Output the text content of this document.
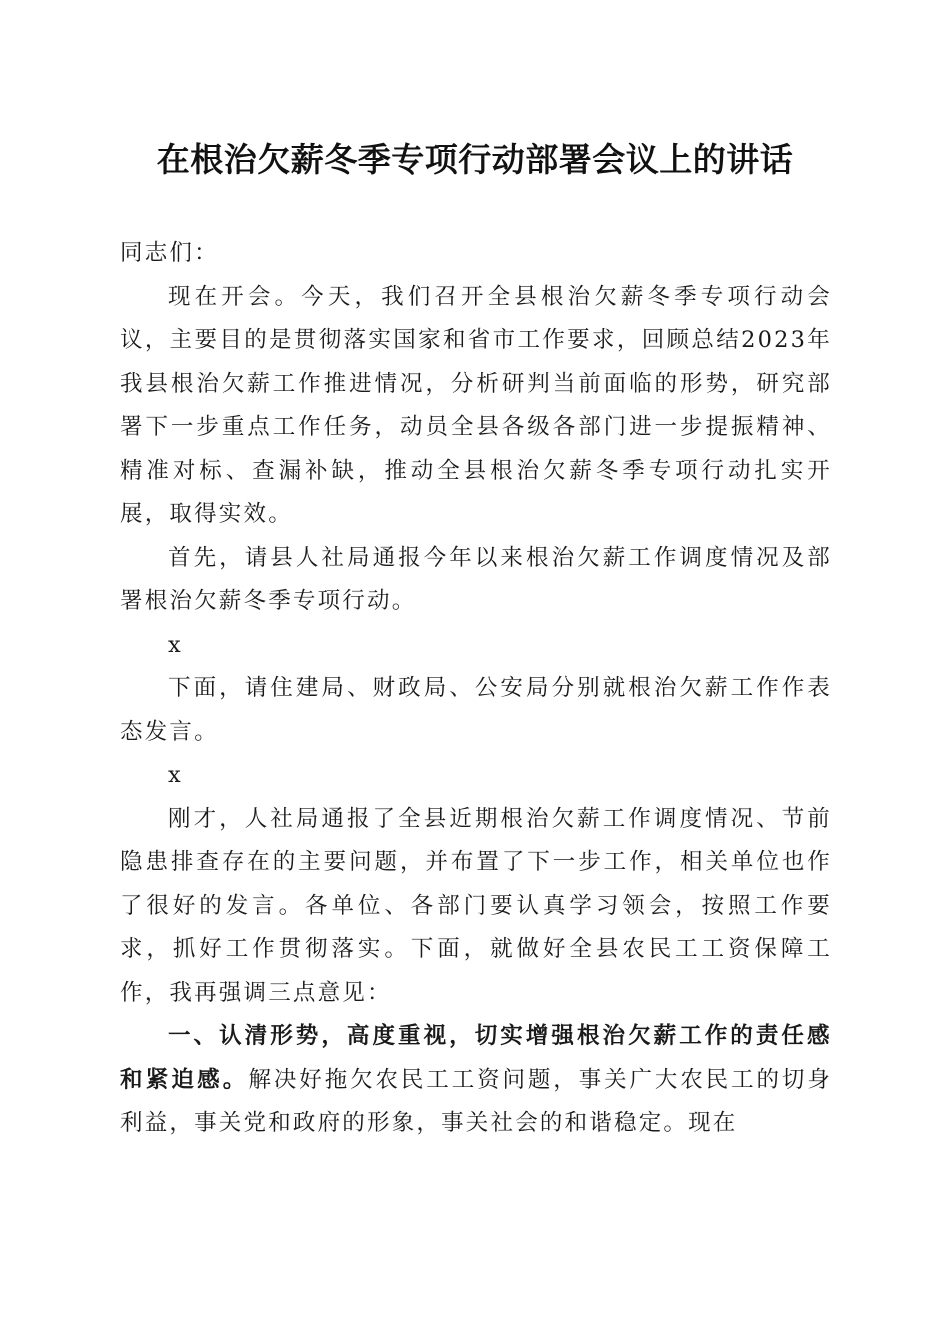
在根治欠薪冬季专项行动部署会议上的讲话

同志们：

现在开会。今天，我们召开全县根治欠薪冬季专项行动会议，主要目的是贯彻落实国家和省市工作要求，回顾总结2023年我县根治欠薪工作推进情况，分析研判当前面临的形势，研究部署下一步重点工作任务，动员全县各级各部门进一步提振精神、精准对标、查漏补缺，推动全县根治欠薪冬季专项行动扎实开展，取得实效。

首先，请县人社局通报今年以来根治欠薪工作调度情况及部署根治欠薪冬季专项行动。

x

下面，请住建局、财政局、公安局分别就根治欠薪工作作表态发言。

x

刚才，人社局通报了全县近期根治欠薪工作调度情况、节前隐患排查存在的主要问题，并布置了下一步工作，相关单位也作了很好的发言。各单位、各部门要认真学习领会，按照工作要求，抓好工作贯彻落实。下面，就做好全县农民工工资保障工作，我再强调三点意见：

一、认清形势，高度重视，切实增强根治欠薪工作的责任感和紧迫感。解决好拖欠农民工工资问题，事关广大农民工的切身利益，事关党和政府的形象，事关社会的和谐稳定。现在
